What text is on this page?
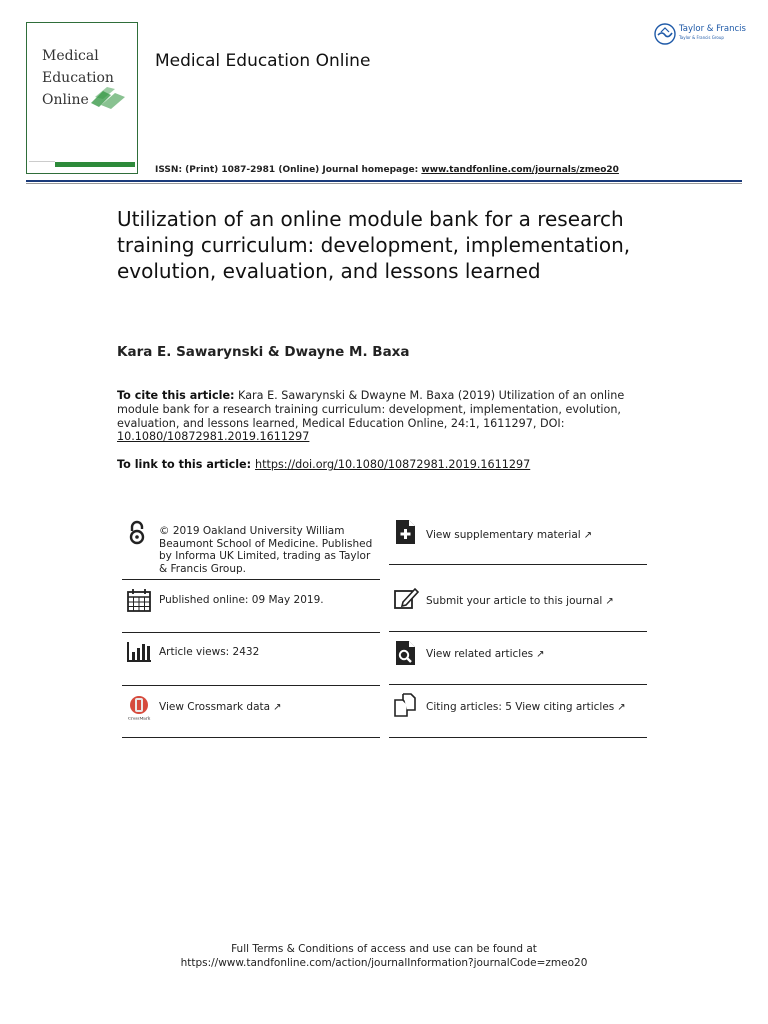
Medical
Education
Online
Medical Education Online
ISSN: (Print) 1087-2981 (Online) Journal homepage: www.tandfonline.com/journals/zmeo20
Taylor & Francis
Taylor & Francis Group
Utilization of an online module bank for a research training curriculum: development, implementation, evolution, evaluation, and lessons learned
Kara E. Sawarynski & Dwayne M. Baxa
To cite this article: Kara E. Sawarynski & Dwayne M. Baxa (2019) Utilization of an online module bank for a research training curriculum: development, implementation, evolution, evaluation, and lessons learned, Medical Education Online, 24:1, 1611297, DOI: 10.1080/10872981.2019.1611297
To link to this article: https://doi.org/10.1080/10872981.2019.1611297
© 2019 Oakland University William Beaumont School of Medicine. Published by Informa UK Limited, trading as Taylor & Francis Group.
Published online: 09 May 2019.
Article views: 2432
CrossMark
View Crossmark data ↗
View supplementary material ↗
Submit your article to this journal ↗
View related articles ↗
Citing articles: 5 View citing articles ↗
Full Terms & Conditions of access and use can be found at
https://www.tandfonline.com/action/journalInformation?journalCode=zmeo20
